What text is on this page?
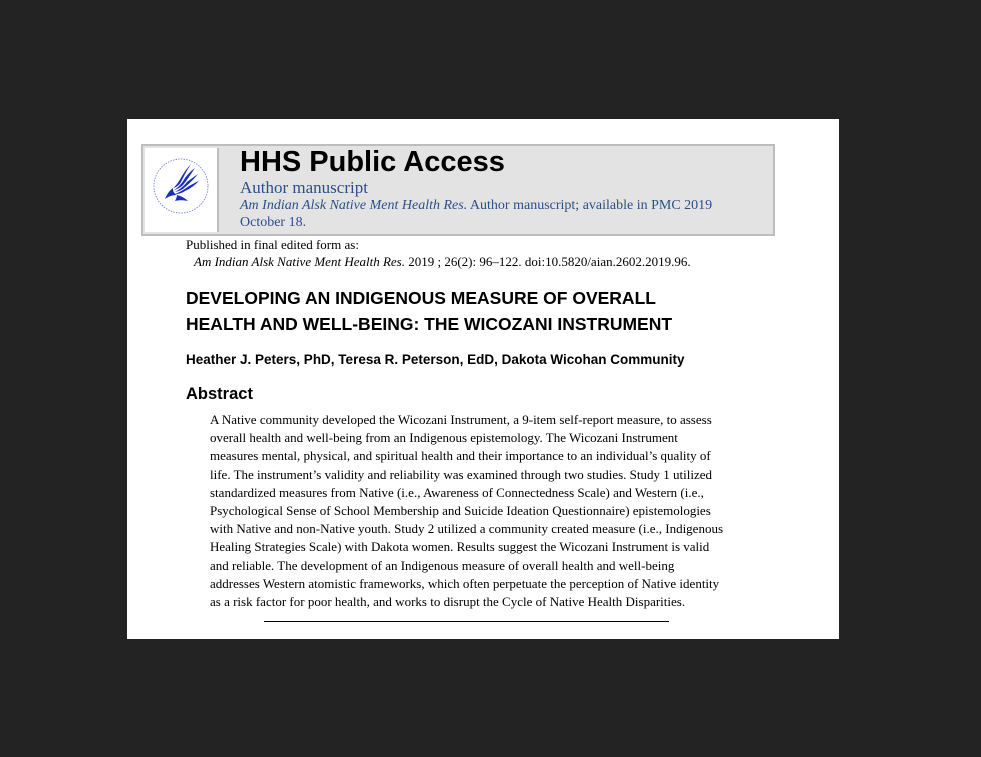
HHS Public Access
Author manuscript
Am Indian Alsk Native Ment Health Res. Author manuscript; available in PMC 2019
October 18.
Published in final edited form as:
Am Indian Alsk Native Ment Health Res. 2019 ; 26(2): 96–122. doi:10.5820/aian.2602.2019.96.
DEVELOPING AN INDIGENOUS MEASURE OF OVERALL
HEALTH AND WELL-BEING: THE WICOZANI INSTRUMENT
Heather J. Peters, PhD, Teresa R. Peterson, EdD, Dakota Wicohan Community
Abstract
A Native community developed the Wicozani Instrument, a 9-item self-report measure, to assess
overall health and well-being from an Indigenous epistemology. The Wicozani Instrument
measures mental, physical, and spiritual health and their importance to an individual’s quality of
life. The instrument’s validity and reliability was examined through two studies. Study 1 utilized
standardized measures from Native (i.e., Awareness of Connectedness Scale) and Western (i.e.,
Psychological Sense of School Membership and Suicide Ideation Questionnaire) epistemologies
with Native and non-Native youth. Study 2 utilized a community created measure (i.e., Indigenous
Healing Strategies Scale) with Dakota women. Results suggest the Wicozani Instrument is valid
and reliable. The development of an Indigenous measure of overall health and well-being
addresses Western atomistic frameworks, which often perpetuate the perception of Native identity
as a risk factor for poor health, and works to disrupt the Cycle of Native Health Disparities.
